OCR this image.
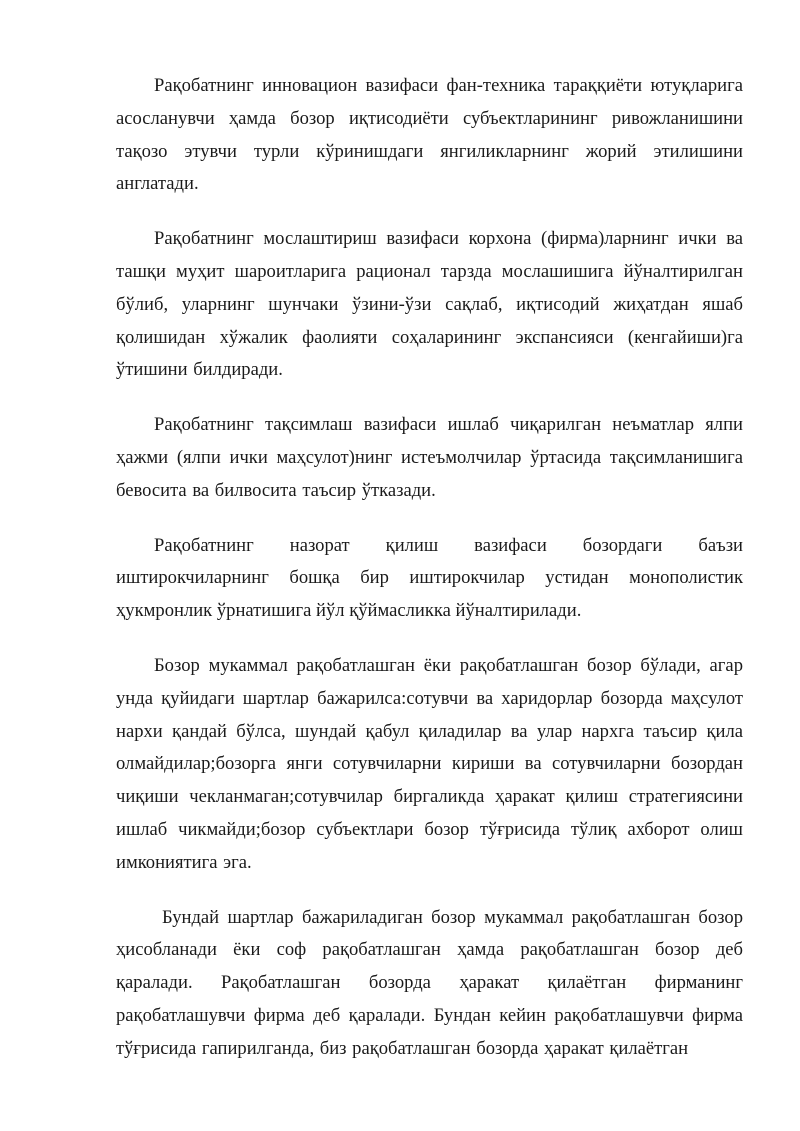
Рақобатнинг инновацион вазифаси фан-техника тараққиёти ютуқларига асосланувчи ҳамда бозор иқтисодиёти субъектларининг ривожланишини тақозо этувчи турли кўринишдаги янгиликларнинг жорий этилишини англатади.

Рақобатнинг мослаштириш вазифаси корхона (фирма)ларнинг ички ва ташқи муҳит шароитларига рационал тарзда мослашишига йўналтирилган бўлиб, уларнинг шунчаки ўзини-ўзи сақлаб, иқтисодий жиҳатдан яшаб қолишидан хўжалик фаолияти соҳаларининг экспансияси (кенгайиши)га ўтишини билдиради.

Рақобатнинг тақсимлаш вазифаси ишлаб чиқарилган неъматлар ялпи ҳажми (ялпи ички маҳсулот)нинг истеъмолчилар ўртасида тақсимланишига бевосита ва билвосита таъсир ўтказади.

Рақобатнинг назорат қилиш вазифаси бозордаги баъзи иштирокчиларнинг бошқа бир иштирокчилар устидан монополистик ҳукмронлик ўрнатишига йўл қўймасликка йўналтирилади.

Бозор мукаммал рақобатлашган ёки рақобатлашган бозор бўлади, агар унда қуйидаги шартлар бажарилса:сотувчи ва харидорлар бозорда маҳсулот нархи қандай бўлса, шундай қабул қиладилар ва улар нархга таъсир қила олмайдилар;бозорга янги сотувчиларни кириши ва сотувчиларни бозордан чиқиши чекланмаган;сотувчилар биргаликда ҳаракат қилиш стратегиясини ишлаб чикмайди;бозор субъектлари бозор тўғрисида тўлиқ ахборот олиш имкониятига эга.

Бундай шартлар бажариладиган бозор мукаммал рақобатлашган бозор ҳисобланади ёки соф рақобатлашган ҳамда рақобатлашган бозор деб қаралади. Рақобатлашган бозорда ҳаракат қилаётган фирманинг рақобатлашувчи фирма деб қаралади. Бундан кейин рақобатлашувчи фирма тўғрисида гапирилганда, биз рақобатлашган бозорда ҳаракат қилаётган
